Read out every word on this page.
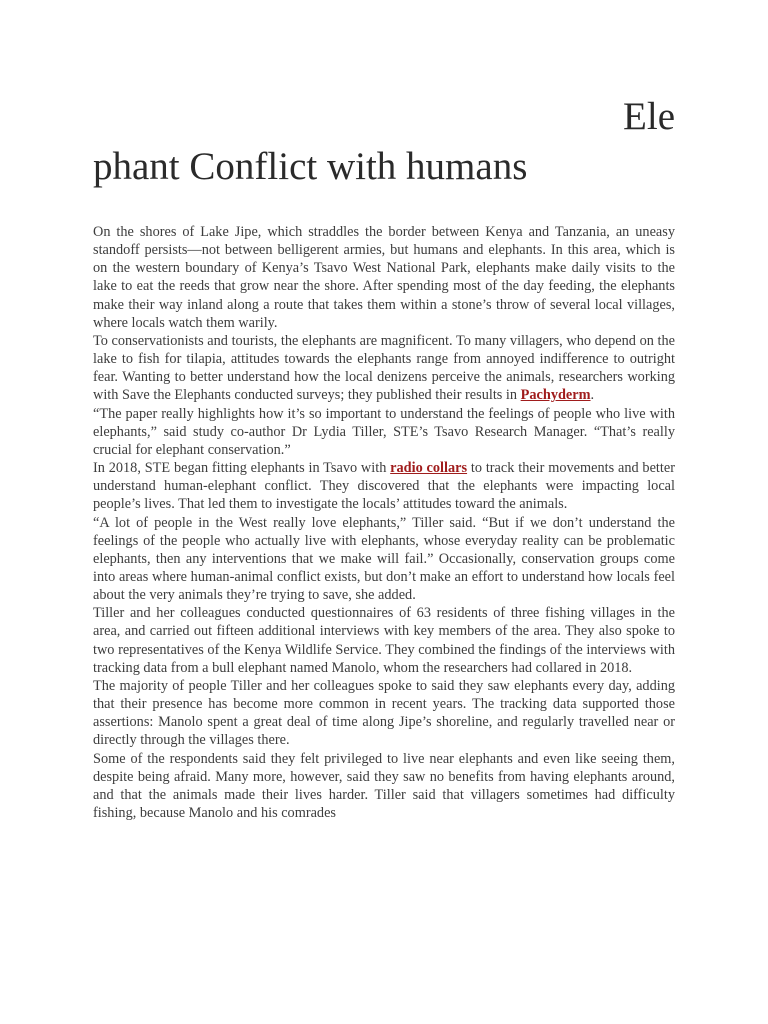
Ele
phant Conflict with humans

On the shores of Lake Jipe, which straddles the border between Kenya and Tanzania, an uneasy standoff persists—not between belligerent armies, but humans and elephants. In this area, which is on the western boundary of Kenya’s Tsavo West National Park, elephants make daily visits to the lake to eat the reeds that grow near the shore. After spending most of the day feeding, the elephants make their way inland along a route that takes them within a stone’s throw of several local villages, where locals watch them warily.

To conservationists and tourists, the elephants are magnificent. To many villagers, who depend on the lake to fish for tilapia, attitudes towards the elephants range from annoyed indifference to outright fear. Wanting to better understand how the local denizens perceive the animals, researchers working with Save the Elephants conducted surveys; they published their results in Pachyderm.

“The paper really highlights how it’s so important to understand the feelings of people who live with elephants,” said study co-author Dr Lydia Tiller, STE’s Tsavo Research Manager. “That’s really crucial for elephant conservation.”

In 2018, STE began fitting elephants in Tsavo with radio collars to track their movements and better understand human-elephant conflict. They discovered that the elephants were impacting local people’s lives. That led them to investigate the locals’ attitudes toward the animals.

“A lot of people in the West really love elephants,” Tiller said. “But if we don’t understand the feelings of the people who actually live with elephants, whose everyday reality can be problematic elephants, then any interventions that we make will fail.” Occasionally, conservation groups come into areas where human-animal conflict exists, but don’t make an effort to understand how locals feel about the very animals they’re trying to save, she added.

Tiller and her colleagues conducted questionnaires of 63 residents of three fishing villages in the area, and carried out fifteen additional interviews with key members of the area. They also spoke to two representatives of the Kenya Wildlife Service. They combined the findings of the interviews with tracking data from a bull elephant named Manolo, whom the researchers had collared in 2018.

The majority of people Tiller and her colleagues spoke to said they saw elephants every day, adding that their presence has become more common in recent years. The tracking data supported those assertions: Manolo spent a great deal of time along Jipe’s shoreline, and regularly travelled near or directly through the villages there.

Some of the respondents said they felt privileged to live near elephants and even like seeing them, despite being afraid. Many more, however, said they saw no benefits from having elephants around, and that the animals made their lives harder. Tiller said that villagers sometimes had difficulty fishing, because Manolo and his comrades
